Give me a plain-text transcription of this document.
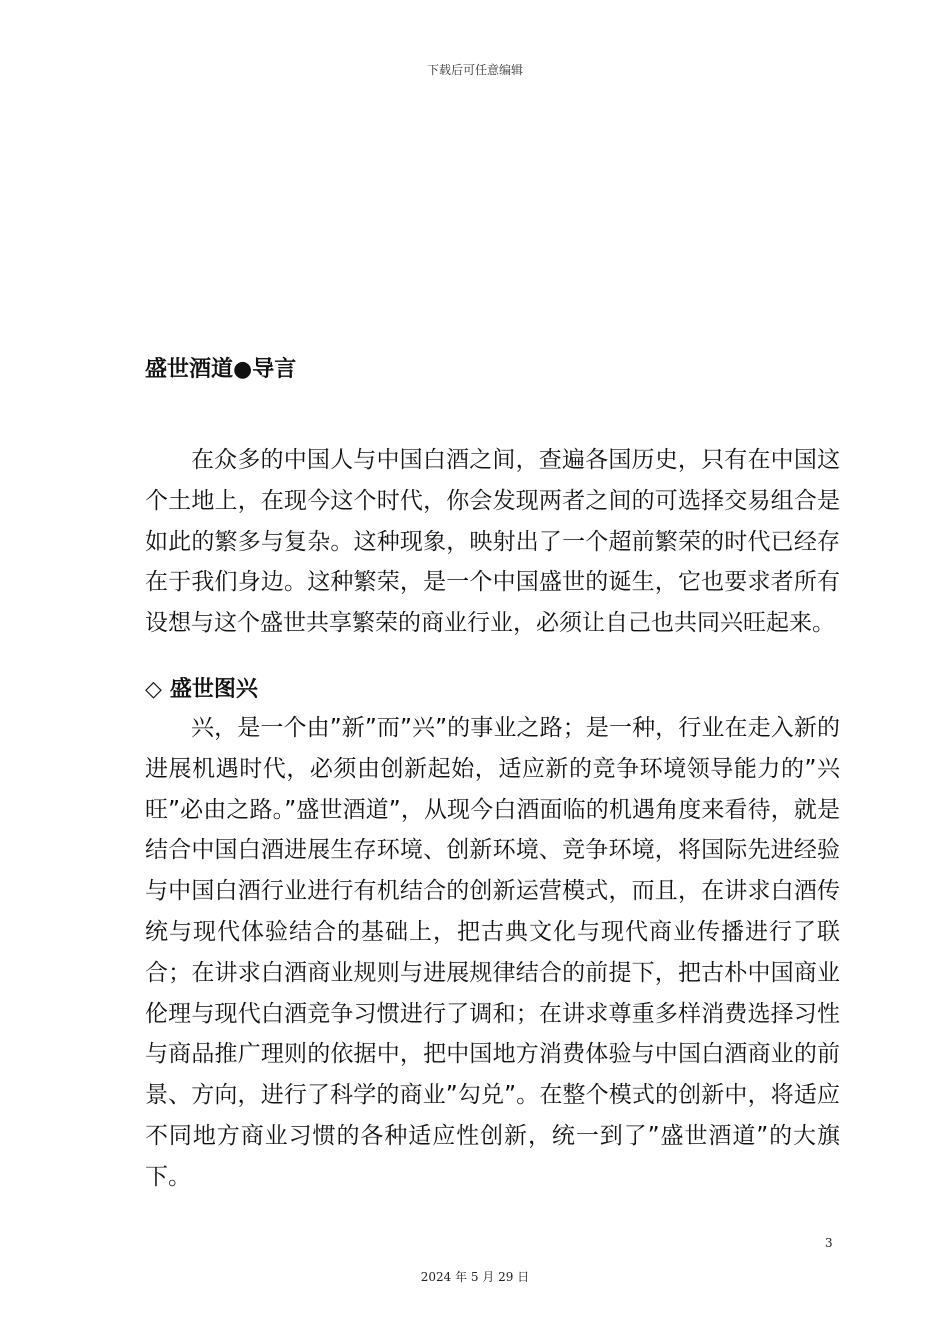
下载后可任意编辑
盛世酒道●导言

在众多的中国人与中国白酒之间，查遍各国历史，只有在中国这个土地上，在现今这个时代，你会发现两者之间的可选择交易组合是如此的繁多与复杂。这种现象，映射出了一个超前繁荣的时代已经存在于我们身边。这种繁荣，是一个中国盛世的诞生，它也要求者所有设想与这个盛世共享繁荣的商业行业，必须让自己也共同兴旺起来。

◇ 盛世图兴

兴，是一个由”新”而”兴”的事业之路；是一种，行业在走入新的进展机遇时代，必须由创新起始，适应新的竞争环境领导能力的”兴旺”必由之路。”盛世酒道”，从现今白酒面临的机遇角度来看待，就是结合中国白酒进展生存环境、创新环境、竞争环境，将国际先进经验与中国白酒行业进行有机结合的创新运营模式，而且，在讲求白酒传统与现代体验结合的基础上，把古典文化与现代商业传播进行了联合；在讲求白酒商业规则与进展规律结合的前提下，把古朴中国商业伦理与现代白酒竞争习惯进行了调和；在讲求尊重多样消费选择习性与商品推广理则的依据中，把中国地方消费体验与中国白酒商业的前景、方向，进行了科学的商业”勾兑”。在整个模式的创新中，将适应不同地方商业习惯的各种适应性创新，统一到了”盛世酒道”的大旗下。

3
2024 年 5 月 29 日
